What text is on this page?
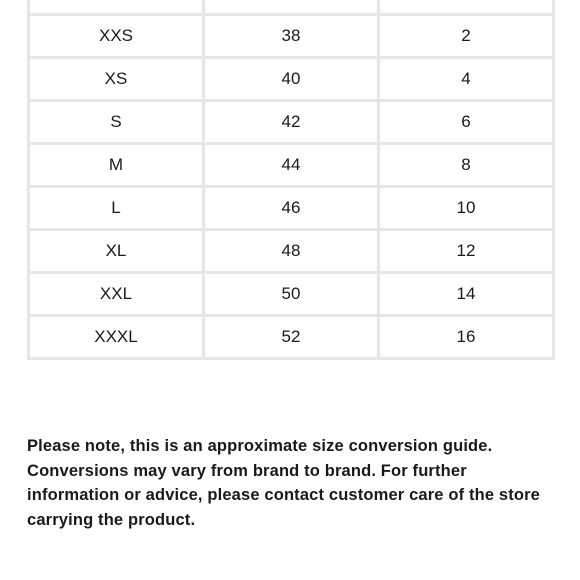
XXS	38	2
XS	40	4
S	42	6
M	44	8
L	46	10
XL	48	12
XXL	50	14
XXXL	52	16

Please note, this is an approximate size conversion guide. Conversions may vary from brand to brand. For further information or advice, please contact customer care of the store carrying the product.
